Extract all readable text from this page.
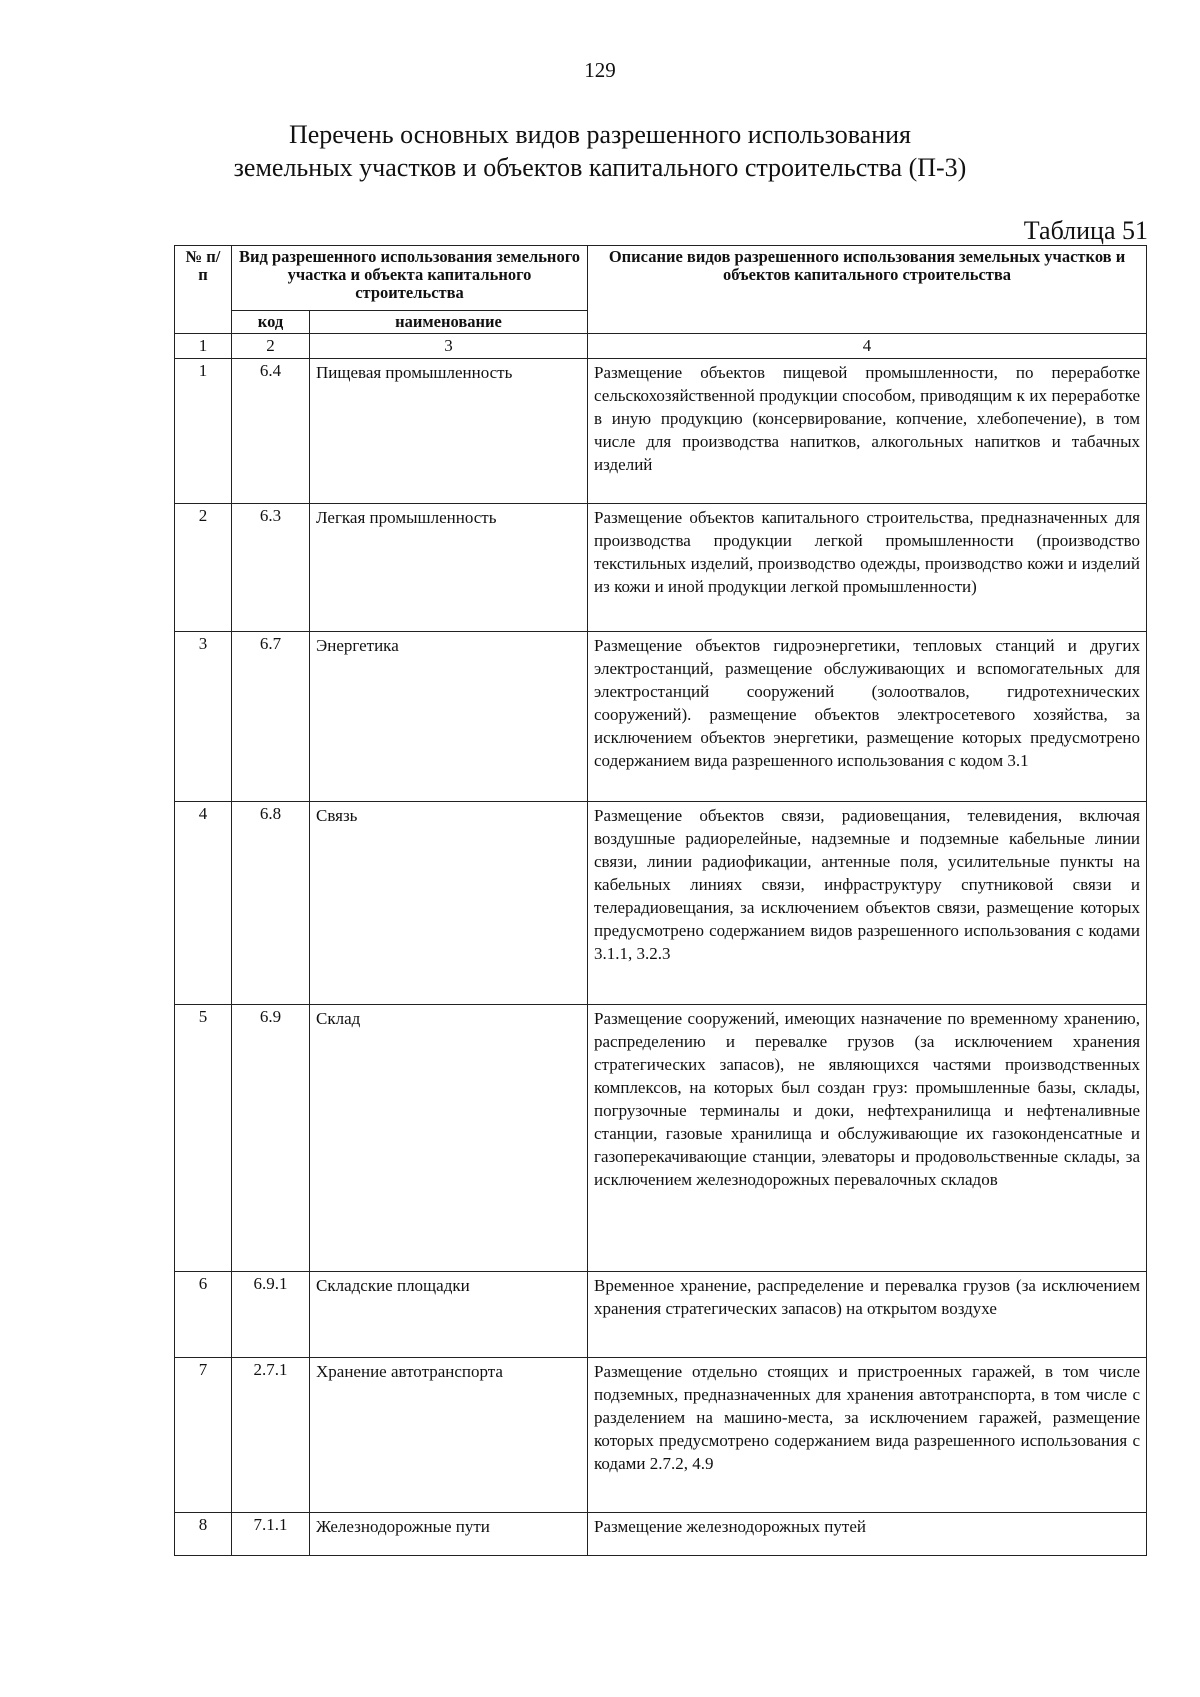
129
Перечень основных видов разрешенного использования
земельных участков и объектов капитального строительства (П-3)
Таблица 51
№ п/п	Вид разрешенного использования земельного участка и объекта капитального строительства		Описание видов разрешенного использования земельных участков и объектов капитального строительства
	код	наименование	
1	2	3	4
1	6.4	Пищевая промышленность	Размещение объектов пищевой промышленности, по переработке сельскохозяйственной продукции способом, приводящим к их переработке в иную продукцию (консервирование, копчение, хлебопечение), в том числе для производства напитков, алкогольных напитков и табачных изделий
2	6.3	Легкая промышленность	Размещение объектов капитального строительства, предназначенных для производства продукции легкой промышленности (производство текстильных изделий, производство одежды, производство кожи и изделий из кожи и иной продукции легкой промышленности)
3	6.7	Энергетика	Размещение объектов гидроэнергетики, тепловых станций и других электростанций, размещение обслуживающих и вспомогательных для электростанций сооружений (золоотвалов, гидротехнических сооружений). размещение объектов электросетевого хозяйства, за исключением объектов энергетики, размещение которых предусмотрено содержанием вида разрешенного использования с кодом 3.1
4	6.8	Связь	Размещение объектов связи, радиовещания, телевидения, включая воздушные радиорелейные, надземные и подземные кабельные линии связи, линии радиофикации, антенные поля, усилительные пункты на кабельных линиях связи, инфраструктуру спутниковой связи и телерадиовещания, за исключением объектов связи, размещение которых предусмотрено содержанием видов разрешенного использования с кодами 3.1.1, 3.2.3
5	6.9	Склад	Размещение сооружений, имеющих назначение по временному хранению, распределению и перевалке грузов (за исключением хранения стратегических запасов), не являющихся частями производственных комплексов, на которых был создан груз: промышленные базы, склады, погрузочные терминалы и доки, нефтехранилища и нефтеналивные станции, газовые хранилища и обслуживающие их газоконденсатные и газоперекачивающие станции, элеваторы и продовольственные склады, за исключением железнодорожных перевалочных складов
6	6.9.1	Складские площадки	Временное хранение, распределение и перевалка грузов (за исключением хранения стратегических запасов) на открытом воздухе
7	2.7.1	Хранение автотранспорта	Размещение отдельно стоящих и пристроенных гаражей, в том числе подземных, предназначенных для хранения автотранспорта, в том числе с разделением на машино-места, за исключением гаражей, размещение которых предусмотрено содержанием вида разрешенного использования с кодами 2.7.2, 4.9
8	7.1.1	Железнодорожные пути	Размещение железнодорожных путей
